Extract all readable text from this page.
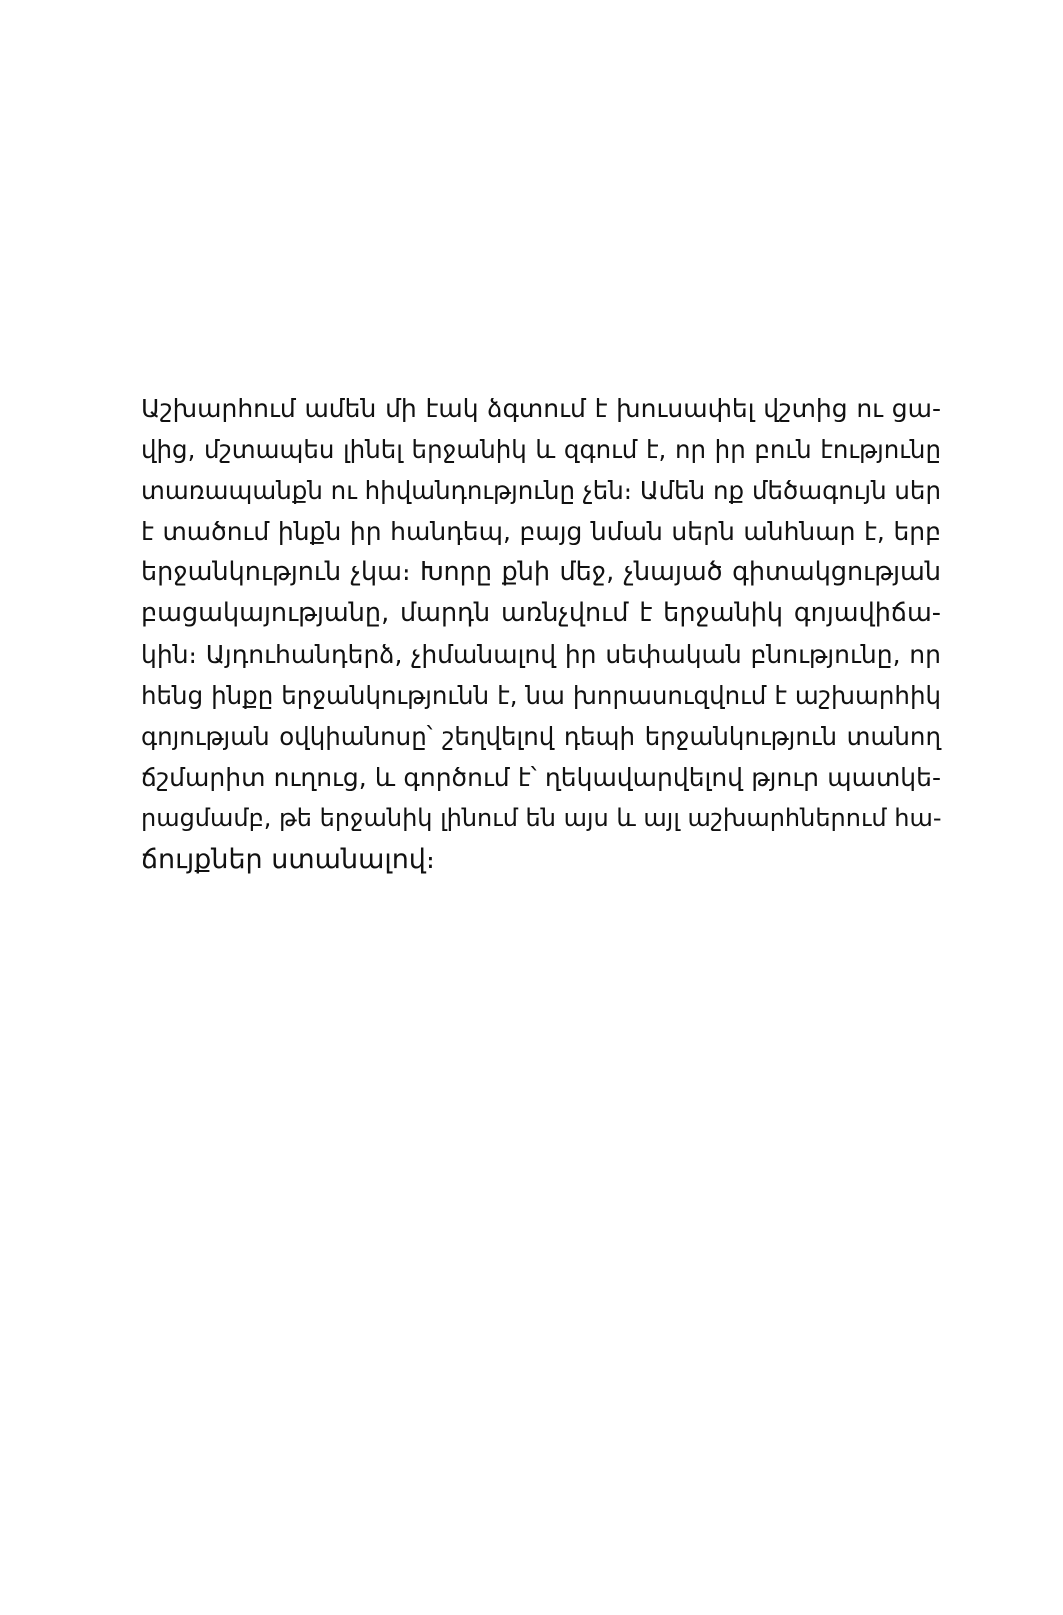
Աշխարհում ամեն մի էակ ձգտում է խուսափել վշտից ու ցա-
վից, մշտապես լինել երջանիկ և զգում է, որ իր բուն էությունը
տառապանքն ու հիվանդությունը չեն։ Ամեն ոք մեծագույն սեր
է տածում ինքն իր հանդեպ, բայց նման սերն անհնար է, երբ
երջանկություն չկա։ Խորը քնի մեջ, չնայած գիտակցության
բացակայությանը, մարդն առնչվում է երջանիկ գոյավիճա-
կին։ Այդուհանդերձ, չիմանալով իր սեփական բնությունը, որ
հենց ինքը երջանկությունն է, նա խորասուզվում է աշխարհիկ
գոյության օվկիանոսը՝ շեղվելով դեպի երջանկություն տանող
ճշմարիտ ուղուց, և գործում է՝ ղեկավարվելով թյուր պատկե-
րացմամբ, թե երջանիկ լինում են այս և այլ աշխարհներում հա-
ճույքներ ստանալով։
